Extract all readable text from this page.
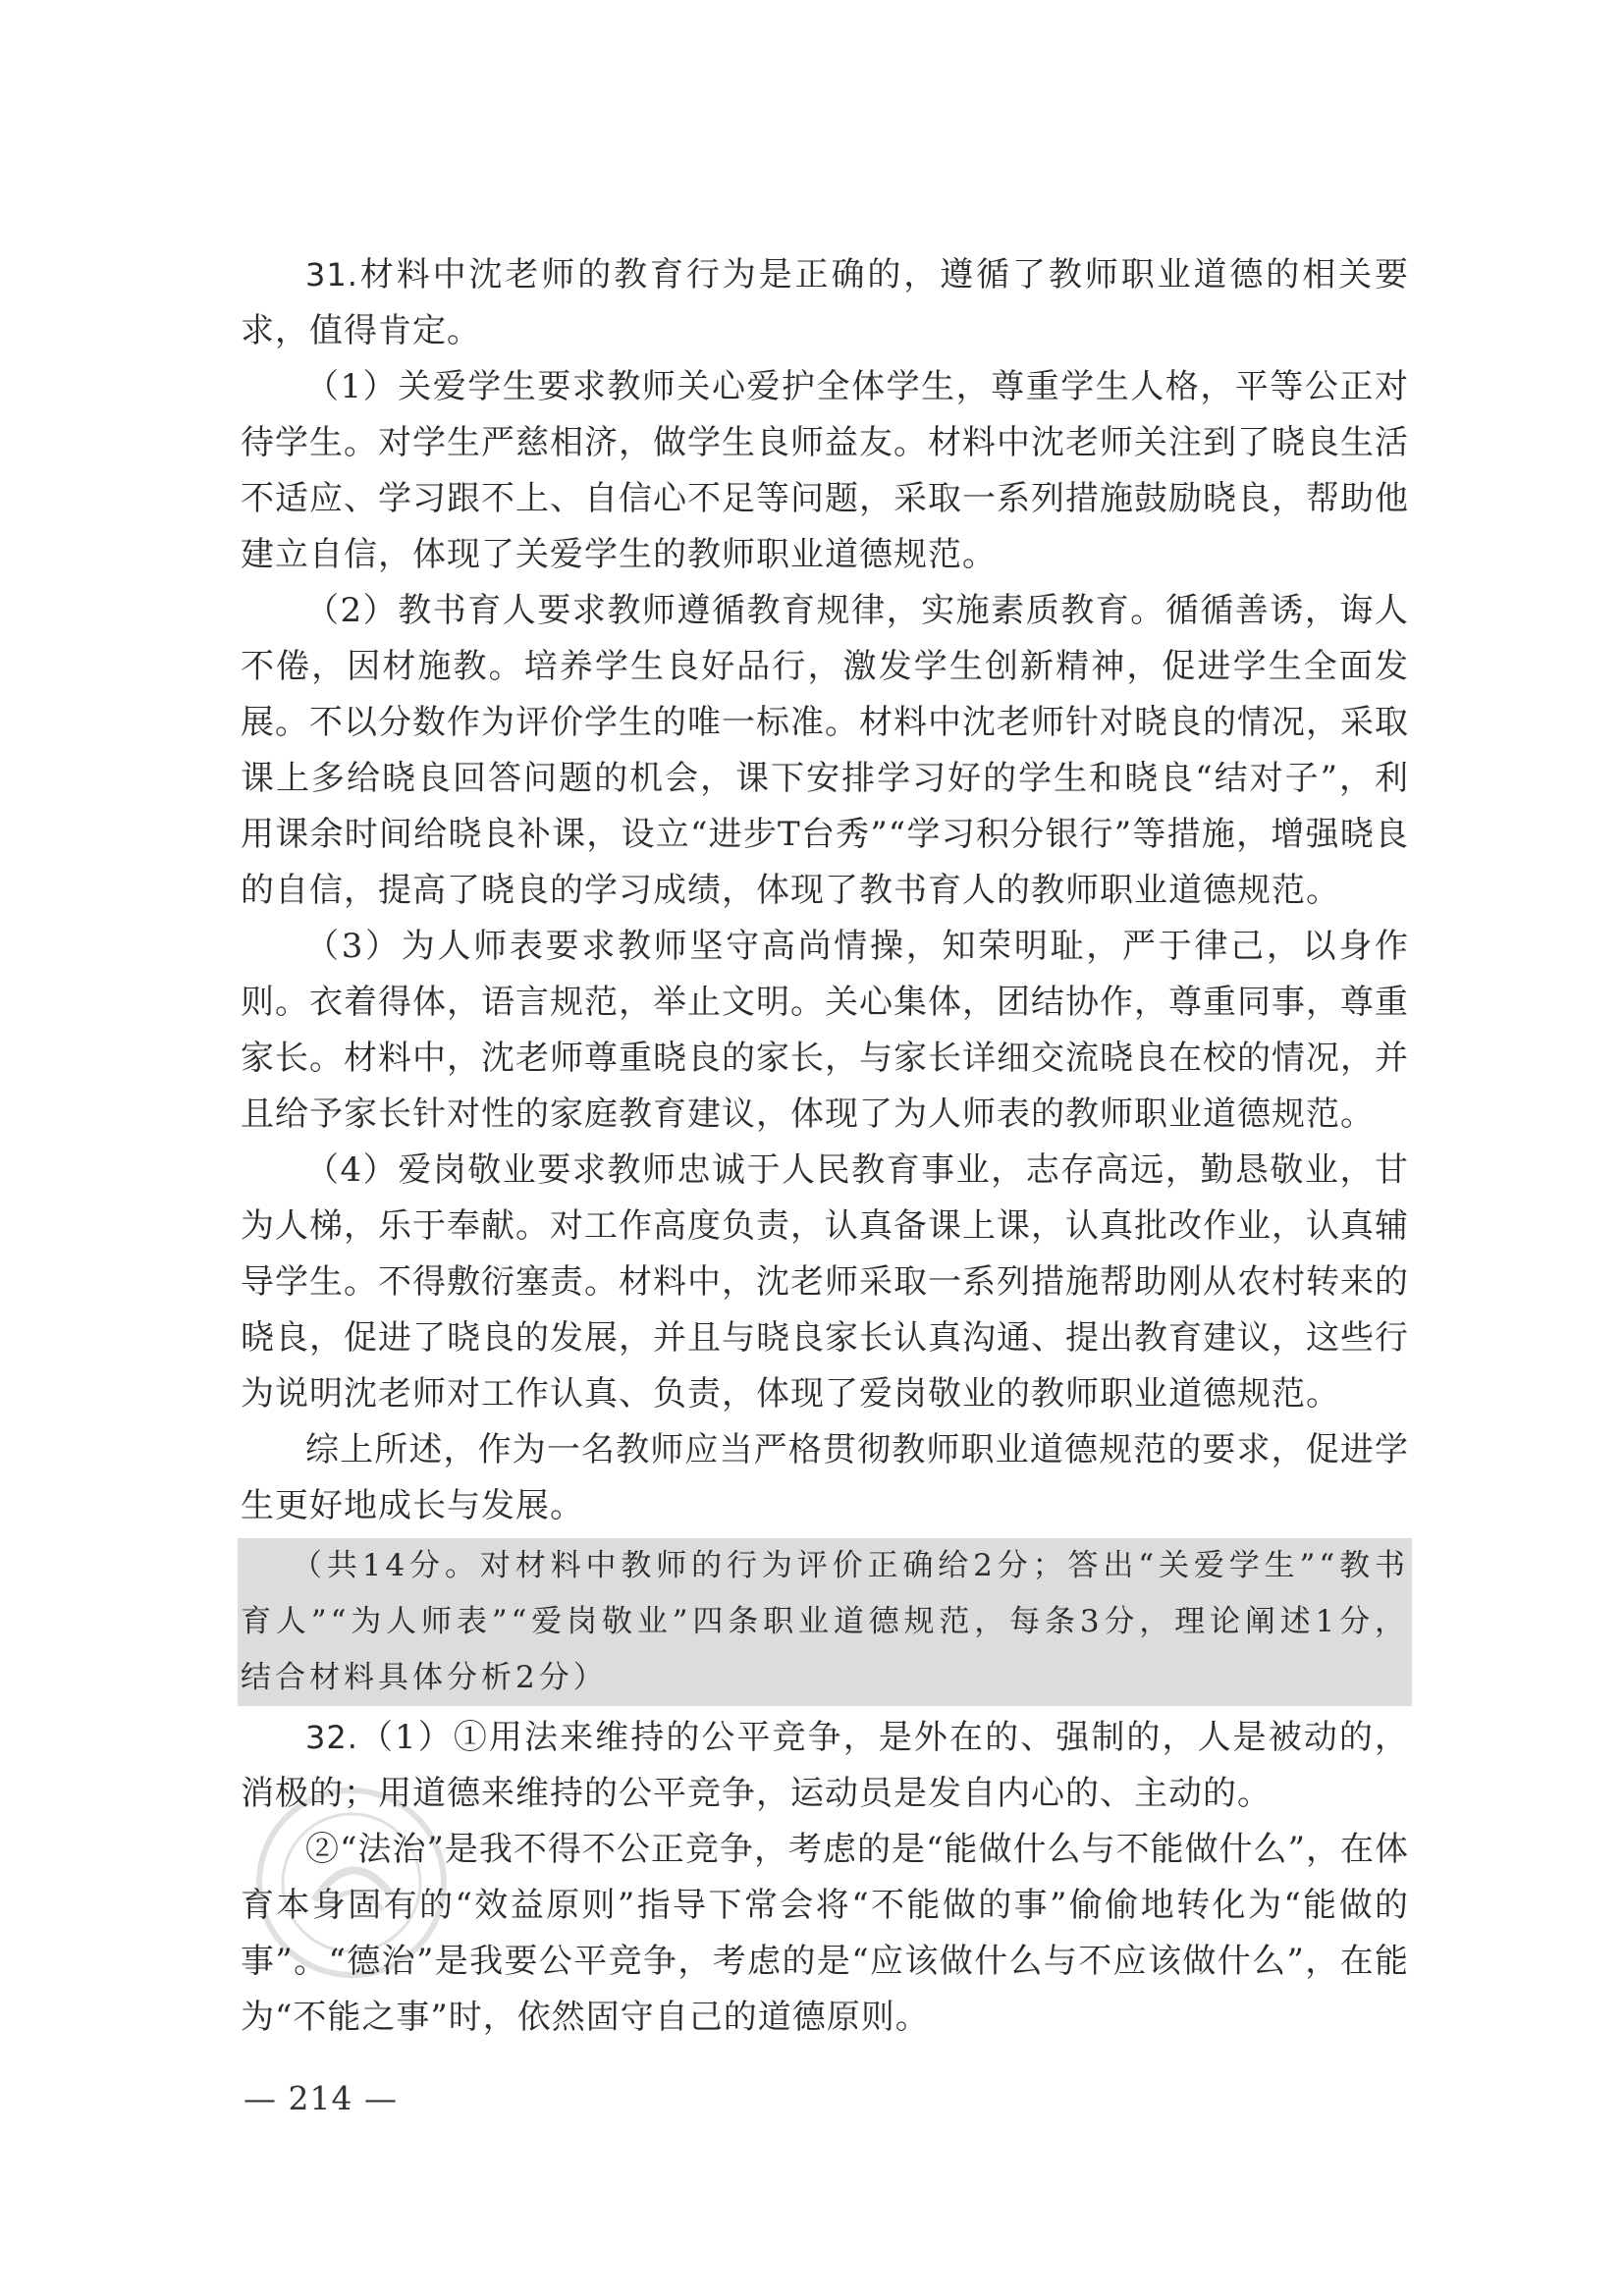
31.材料中沈老师的教育行为是正确的，遵循了教师职业道德的相关要求，值得肯定。

（1）关爱学生要求教师关心爱护全体学生，尊重学生人格，平等公正对待学生。对学生严慈相济，做学生良师益友。材料中沈老师关注到了晓良生活不适应、学习跟不上、自信心不足等问题，采取一系列措施鼓励晓良，帮助他建立自信，体现了关爱学生的教师职业道德规范。

（2）教书育人要求教师遵循教育规律，实施素质教育。循循善诱，诲人不倦，因材施教。培养学生良好品行，激发学生创新精神，促进学生全面发展。不以分数作为评价学生的唯一标准。材料中沈老师针对晓良的情况，采取课上多给晓良回答问题的机会，课下安排学习好的学生和晓良“结对子”，利用课余时间给晓良补课，设立“进步T台秀”“学习积分银行”等措施，增强晓良的自信，提高了晓良的学习成绩，体现了教书育人的教师职业道德规范。

（3）为人师表要求教师坚守高尚情操，知荣明耻，严于律己，以身作则。衣着得体，语言规范，举止文明。关心集体，团结协作，尊重同事，尊重家长。材料中，沈老师尊重晓良的家长，与家长详细交流晓良在校的情况，并且给予家长针对性的家庭教育建议，体现了为人师表的教师职业道德规范。

（4）爱岗敬业要求教师忠诚于人民教育事业，志存高远，勤恳敬业，甘为人梯，乐于奉献。对工作高度负责，认真备课上课，认真批改作业，认真辅导学生。不得敷衍塞责。材料中，沈老师采取一系列措施帮助刚从农村转来的晓良，促进了晓良的发展，并且与晓良家长认真沟通、提出教育建议，这些行为说明沈老师对工作认真、负责，体现了爱岗敬业的教师职业道德规范。

综上所述，作为一名教师应当严格贯彻教师职业道德规范的要求，促进学生更好地成长与发展。

（共14分。对材料中教师的行为评价正确给2分；答出“关爱学生”“教书育人”“为人师表”“爱岗敬业”四条职业道德规范，每条3分，理论阐述1分，结合材料具体分析2分）

32.（1）①用法来维持的公平竞争，是外在的、强制的，人是被动的，消极的；用道德来维持的公平竞争，运动员是发自内心的、主动的。

②“法治”是我不得不公正竞争，考虑的是“能做什么与不能做什么”，在体育本身固有的“效益原则”指导下常会将“不能做的事”偷偷地转化为“能做的事”。“德治”是我要公平竞争，考虑的是“应该做什么与不应该做什么”，在能为“不能之事”时，依然固守自己的道德原则。

— 214 —
